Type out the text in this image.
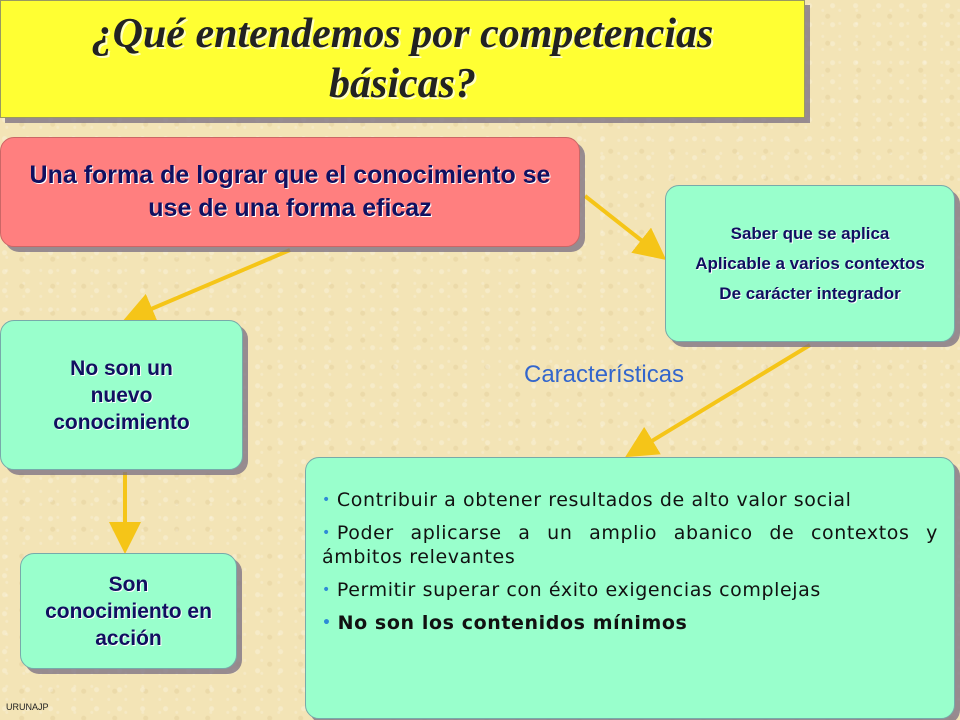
¿Qué entendemos por competencias básicas?
Una forma de lograr que el conocimiento se use de una forma eficaz
Saber que se aplica
Aplicable a varios contextos
De carácter integrador
No son un nuevo conocimiento
Son conocimiento en acción
Características
• Contribuir a obtener resultados de alto valor social
• Poder aplicarse a un amplio abanico de contextos y ámbitos relevantes
• Permitir superar con éxito exigencias complejas
• No son los contenidos mínimos
URUNAJP
